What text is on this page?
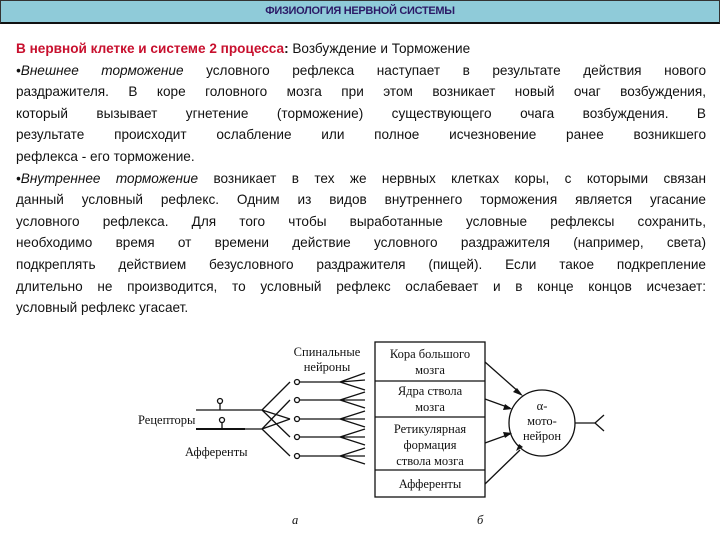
ФИЗИОЛОГИЯ НЕРВНОЙ СИСТЕМЫ
В нервной клетке и системе 2 процесса: Возбуждение и Торможение
•Внешнее торможение условного рефлекса наступает в результате действия нового
раздражителя. В коре головного мозга при этом возникает новый очаг возбуждения,
который вызывает угнетение (торможение) существующего очага возбуждения. В
результате происходит ослабление или полное исчезновение ранее возникшего
рефлекса - его торможение.
•Внутреннее торможение возникает в тех же нервных клетках коры, с которыми связан
данный условный рефлекс. Одним из видов внутреннего торможения является угасание
условного рефлекса. Для того чтобы выработанные условные рефлексы сохранить,
необходимо время от времени действие условного раздражителя (например, света)
подкреплять действием безусловного раздражителя (пищей). Если такое подкрепление
длительно не производится, то условный рефлекс ослабевает и в конце концов исчезает:
условный рефлекс угасает.
Спинальные
нейроны
Рецепторы
Афференты
Кора большого
мозга
Ядра ствола
мозга
Ретикулярная
формация
ствола мозга
Афференты
α-
мото-
нейрон
а	б
